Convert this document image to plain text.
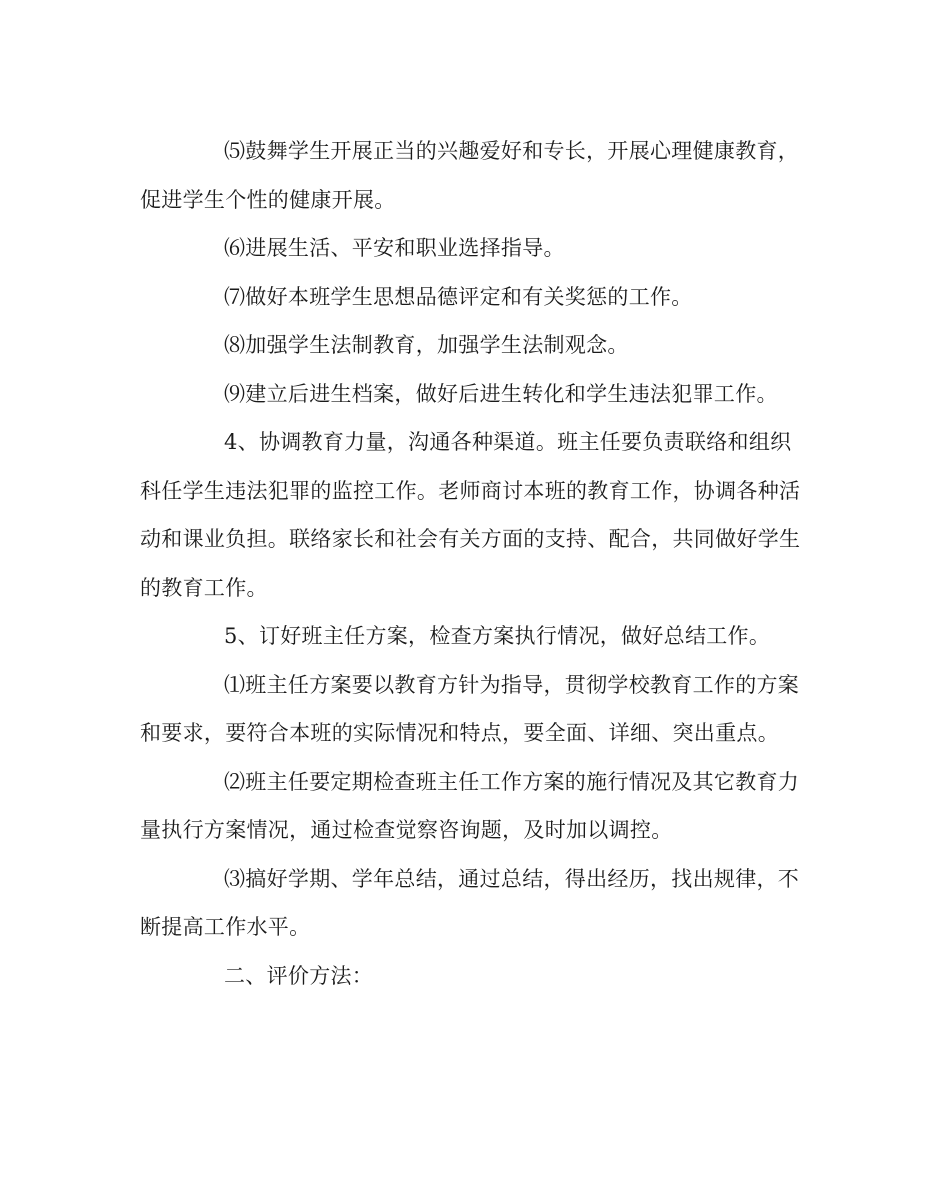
⑸鼓舞学生开展正当的兴趣爱好和专长，开展心理健康教育，促进学生个性的健康开展。

⑹进展生活、平安和职业选择指导。

⑺做好本班学生思想品德评定和有关奖惩的工作。

⑻加强学生法制教育，加强学生法制观念。

⑼建立后进生档案，做好后进生转化和学生违法犯罪工作。

4、协调教育力量，沟通各种渠道。班主任要负责联络和组织科任学生违法犯罪的监控工作。老师商讨本班的教育工作，协调各种活动和课业负担。联络家长和社会有关方面的支持、配合，共同做好学生的教育工作。

5、订好班主任方案，检查方案执行情况，做好总结工作。

⑴班主任方案要以教育方针为指导，贯彻学校教育工作的方案和要求，要符合本班的实际情况和特点，要全面、详细、突出重点。

⑵班主任要定期检查班主任工作方案的施行情况及其它教育力量执行方案情况，通过检查觉察咨询题，及时加以调控。

⑶搞好学期、学年总结，通过总结，得出经历，找出规律，不断提高工作水平。

二、评价方法：
